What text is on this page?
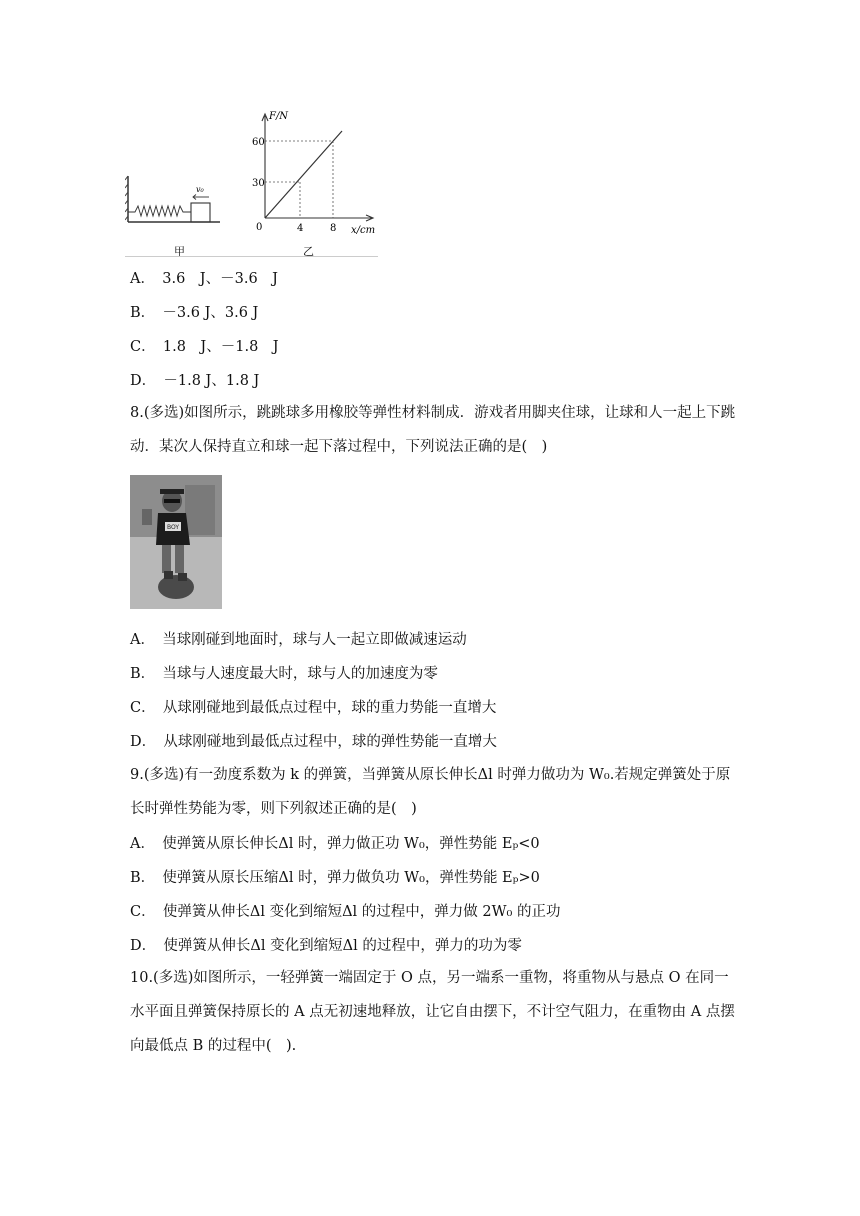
v₀
甲
F/N
x/cm
0
30
60
4	8
乙
A．　 3.6　J、－3.6　J
B．　 －3.6 J、3.6 J
C．　 1.8　J、－1.8　J
D．　 －1.8 J、1.8 J
8.(多选)如图所示，跳跳球多用橡胶等弹性材料制成．游戏者用脚夹住球，让球和人一起上下跳动．某次人保持直立和球一起下落过程中，下列说法正确的是(　)
BOY
A．　 当球刚碰到地面时，球与人一起立即做减速运动
B．　 当球与人速度最大时，球与人的加速度为零
C．　 从球刚碰地到最低点过程中，球的重力势能一直增大
D．　 从球刚碰地到最低点过程中，球的弹性势能一直增大
9.(多选)有一劲度系数为 k 的弹簧，当弹簧从原长伸长Δl 时弹力做功为 W₀.若规定弹簧处于原长时弹性势能为零，则下列叙述正确的是(　)
A．　 使弹簧从原长伸长Δl 时，弹力做正功 W₀，弹性势能 Eₚ<0
B．　 使弹簧从原长压缩Δl 时，弹力做负功 W₀，弹性势能 Eₚ>0
C．　 使弹簧从伸长Δl 变化到缩短Δl 的过程中，弹力做 2W₀ 的正功
D．　 使弹簧从伸长Δl 变化到缩短Δl 的过程中，弹力的功为零
10.(多选)如图所示，一轻弹簧一端固定于 O 点，另一端系一重物，将重物从与悬点 O 在同一水平面且弹簧保持原长的 A 点无初速地释放，让它自由摆下，不计空气阻力，在重物由 A 点摆向最低点 B 的过程中(　).
